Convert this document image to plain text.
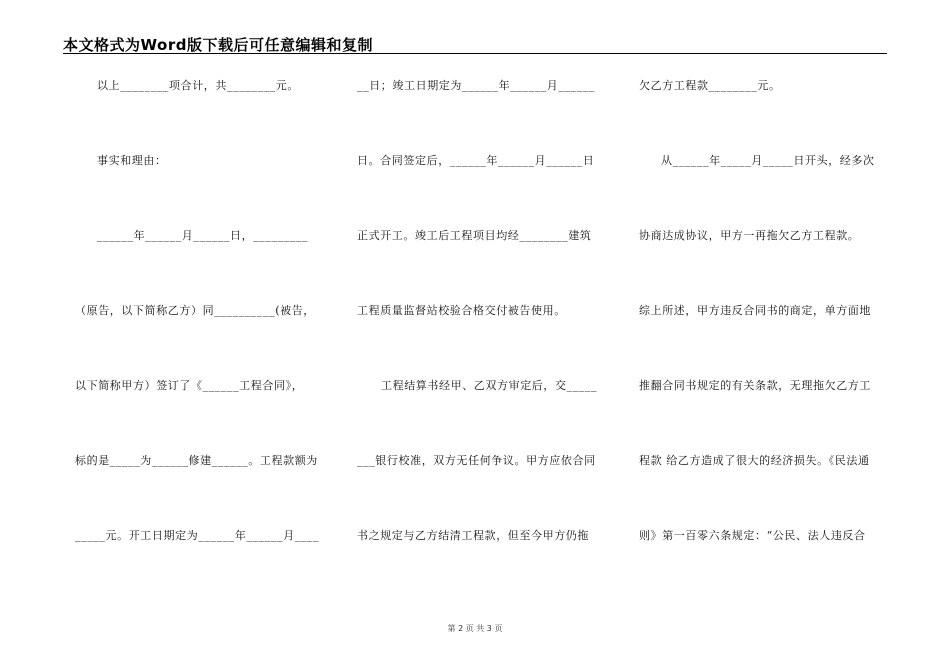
本文格式为Word版下载后可任意编辑和复制
以上________项合计，共________元。
事实和理由：
______年______月______日，_________
（原告，以下简称乙方）同__________(被告，
以下简称甲方）签订了《______工程合同》，
标的是_____为______修建______。工程款额为
_____元。开工日期定为______年______月____
__日；竣工日期定为______年______月______
日。合同签定后，______年______月______日
正式开工。竣工后工程项目均经________建筑
工程质量监督站校验合格交付被告使用。
工程结算书经甲、乙双方审定后，交_____
___银行校准，双方无任何争议。甲方应依合同
书之规定与乙方结清工程款，但至今甲方仍拖
欠乙方工程款________元。
从______年_____月_____日开头，经多次
协商达成协议，甲方一再拖欠乙方工程款。
综上所述，甲方违反合同书的商定，单方面地
推翻合同书规定的有关条款，无理拖欠乙方工
程款 给乙方造成了很大的经济损失。《民法通
则》第一百零六条规定：“公民、法人违反合
第 2 页 共 3 页
